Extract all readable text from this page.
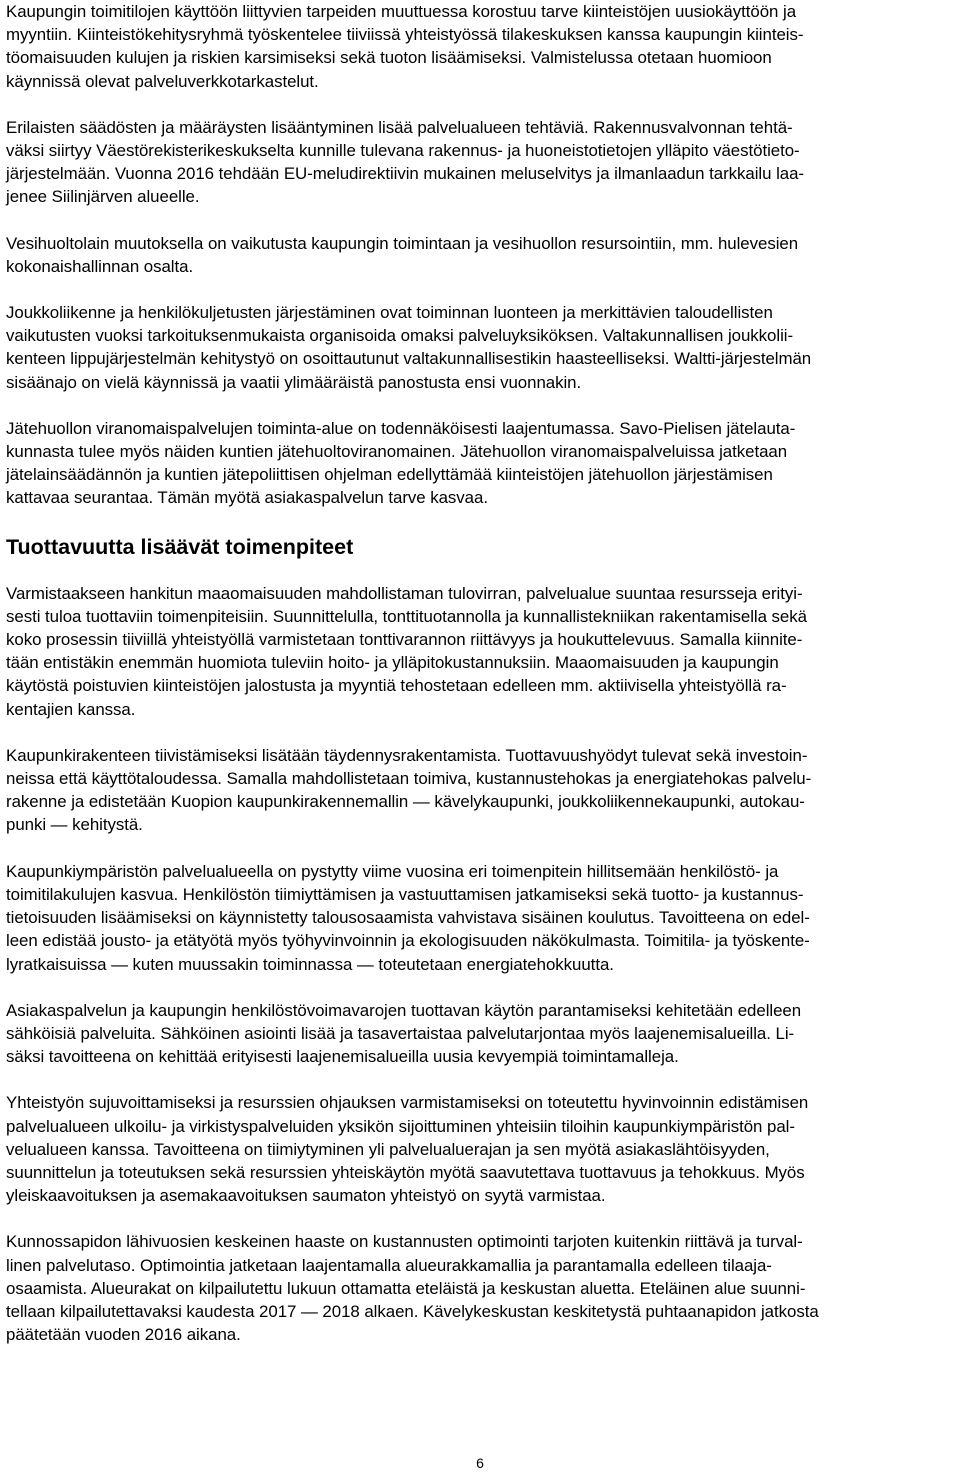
Kaupungin toimitilojen käyttöön liittyvien tarpeiden muuttuessa korostuu tarve kiinteistöjen uusiokäyttöön ja
myyntiin. Kiinteistökehitysryhmä työskentelee tiiviissä yhteistyössä tilakeskuksen kanssa kaupungin kiinteis-
töomaisuuden kulujen ja riskien karsimiseksi sekä tuoton lisäämiseksi. Valmistelussa otetaan huomioon
käynnissä olevat palveluverkkotarkastelut.

Erilaisten säädösten ja määräysten lisääntyminen lisää palvelualueen tehtäviä. Rakennusvalvonnan tehtä-
väksi siirtyy Väestörekisterikeskukselta kunnille tulevana rakennus- ja huoneistotietojen ylläpito väestötieto-
järjestelmään. Vuonna 2016 tehdään EU-meludirektiivin mukainen meluselvitys ja ilmanlaadun tarkkailu laa-
jenee Siilinjärven alueelle.

Vesihuoltolain muutoksella on vaikutusta kaupungin toimintaan ja vesihuollon resursointiin, mm. hulevesien
kokonaishallinnan osalta.

Joukkoliikenne ja henkilökuljetusten järjestäminen ovat toiminnan luonteen ja merkittävien taloudellisten
vaikutusten vuoksi tarkoituksenmukaista organisoida omaksi palveluyksiköksen. Valtakunnallisen joukkolii-
kenteen lippujärjestelmän kehitystyö on osoittautunut valtakunnallisestikin haasteelliseksi. Waltti-järjestelmän
sisäänajo on vielä käynnissä ja vaatii ylimääräistä panostusta ensi vuonnakin.

Jätehuollon viranomaispalvelujen toiminta-alue on todennäköisesti laajentumassa. Savo-Pielisen jätelauta-
kunnasta tulee myös näiden kuntien jätehuoltoviranomainen. Jätehuollon viranomaispalveluissa jatketaan
jätelainsäädännön ja kuntien jätepoliittisen ohjelman edellyttämää kiinteistöjen jätehuollon järjestämisen
kattavaa seurantaa. Tämän myötä asiakaspalvelun tarve kasvaa.

Tuottavuutta lisäävät toimenpiteet

Varmistaakseen hankitun maaomaisuuden mahdollistaman tulovirran, palvelualue suuntaa resursseja erityi-
sesti tuloa tuottaviin toimenpiteisiin. Suunnittelulla, tonttituotannolla ja kunnallistekniikan rakentamisella sekä
koko prosessin tiiviillä yhteistyöllä varmistetaan tonttivarannon riittävyys ja houkuttelevuus. Samalla kiinnite-
tään entistäkin enemmän huomiota tuleviin hoito- ja ylläpitokustannuksiin. Maaomaisuuden ja kaupungin
käytöstä poistuvien kiinteistöjen jalostusta ja myyntiä tehostetaan edelleen mm. aktiivisella yhteistyöllä ra-
kentajien kanssa.

Kaupunkirakenteen tiivistämiseksi lisätään täydennysrakentamista. Tuottavuushyödyt tulevat sekä investoin-
neissa että käyttötaloudessa. Samalla mahdollistetaan toimiva, kustannustehokas ja energiatehokas palvelu-
rakenne ja edistetään Kuopion kaupunkirakennemallin — kävelykaupunki, joukkoliikennekaupunki, autokau-
punki — kehitystä.

Kaupunkiympäristön palvelualueella on pystytty viime vuosina eri toimenpitein hillitsemään henkilöstö- ja
toimitilakulujen kasvua. Henkilöstön tiimiyttämisen ja vastuuttamisen jatkamiseksi sekä tuotto- ja kustannus-
tietoisuuden lisäämiseksi on käynnistetty talousosaamista vahvistava sisäinen koulutus. Tavoitteena on edel-
leen edistää jousto- ja etätyötä myös työhyvinvoinnin ja ekologisuuden näkökulmasta. Toimitila- ja työskente-
lyratkaisuissa — kuten muussakin toiminnassa — toteutetaan energiatehokkuutta.

Asiakaspalvelun ja kaupungin henkilöstövoimavarojen tuottavan käytön parantamiseksi kehitetään edelleen
sähköisiä palveluita. Sähköinen asiointi lisää ja tasavertaistaa palvelutarjontaa myös laajenemisalueilla. Li-
säksi tavoitteena on kehittää erityisesti laajenemisalueilla uusia kevyempiä toimintamalleja.

Yhteistyön sujuvoittamiseksi ja resurssien ohjauksen varmistamiseksi on toteutettu hyvinvoinnin edistämisen
palvelualueen ulkoilu- ja virkistyspalveluiden yksikön sijoittuminen yhteisiin tiloihin kaupunkiympäristön pal-
velualueen kanssa. Tavoitteena on tiimiytyminen yli palvelualuerajan ja sen myötä asiakaslähtöisyyden,
suunnittelun ja toteutuksen sekä resurssien yhteiskäytön myötä saavutettava tuottavuus ja tehokkuus. Myös
yleiskaavoituksen ja asemakaavoituksen saumaton yhteistyö on syytä varmistaa.

Kunnossapidon lähivuosien keskeinen haaste on kustannusten optimointi tarjoten kuitenkin riittävä ja turval-
linen palvelutaso. Optimointia jatketaan laajentamalla alueurakkamallia ja parantamalla edelleen tilaaja-
osaamista. Alueurakat on kilpailutettu lukuun ottamatta eteläistä ja keskustan aluetta. Eteläinen alue suunni-
tellaan kilpailutettavaksi kaudesta 2017 — 2018 alkaen. Kävelykeskustan keskitetystä puhtaanapidon jatkosta
päätetään vuoden 2016 aikana.

6
